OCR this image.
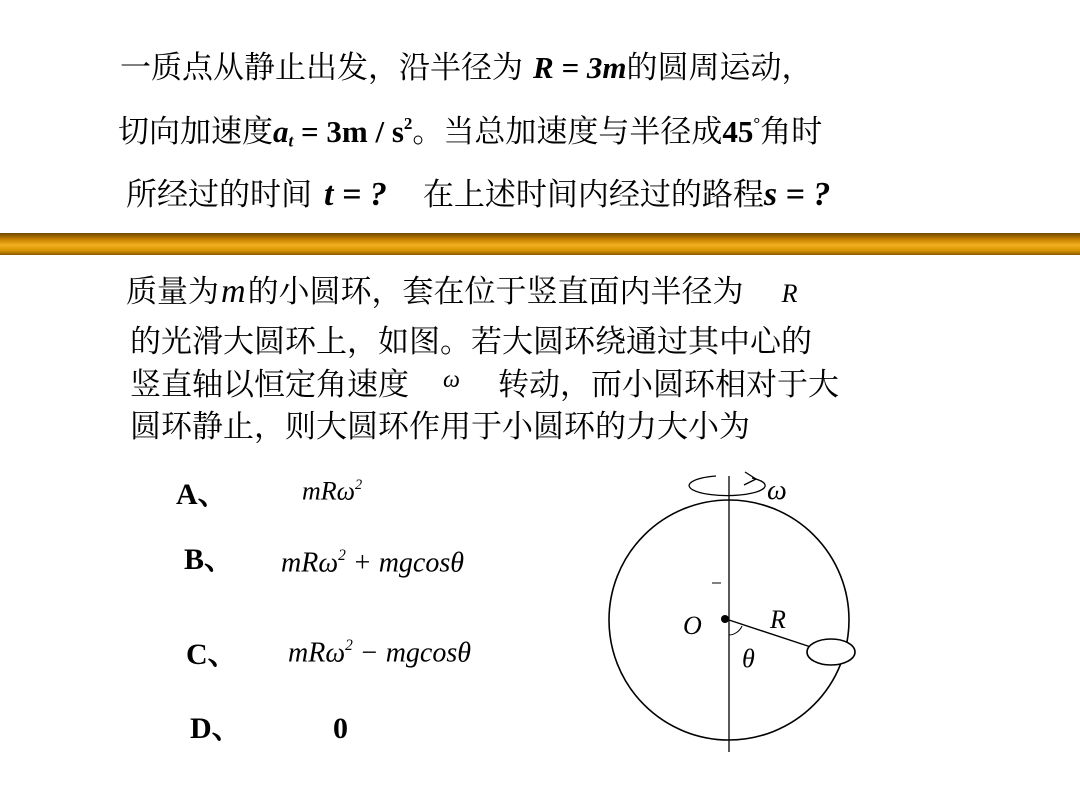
一质点从静止出发，沿半径为 R = 3m的圆周运动，
切向加速度$a_t = 3m / s^2$。当总加速度与半径成45°角时
所经过的时间 t = ? 在上述时间内经过的路程s = ?
质量为m的小圆环，套在位于竖直面内半径为 R
的光滑大圆环上，如图。若大圆环绕通过其中心的
竖直轴以恒定角速度 $^\omega$ 转动，而小圆环相对于大
圆环静止，则大圆环作用于小圆环的力大小为
A、	mRω$^2$
B、 mRω$^2$ + mgcosθ
C、 mRω$^2$ − mgcosθ
D、	0
ω
O	R
θ
